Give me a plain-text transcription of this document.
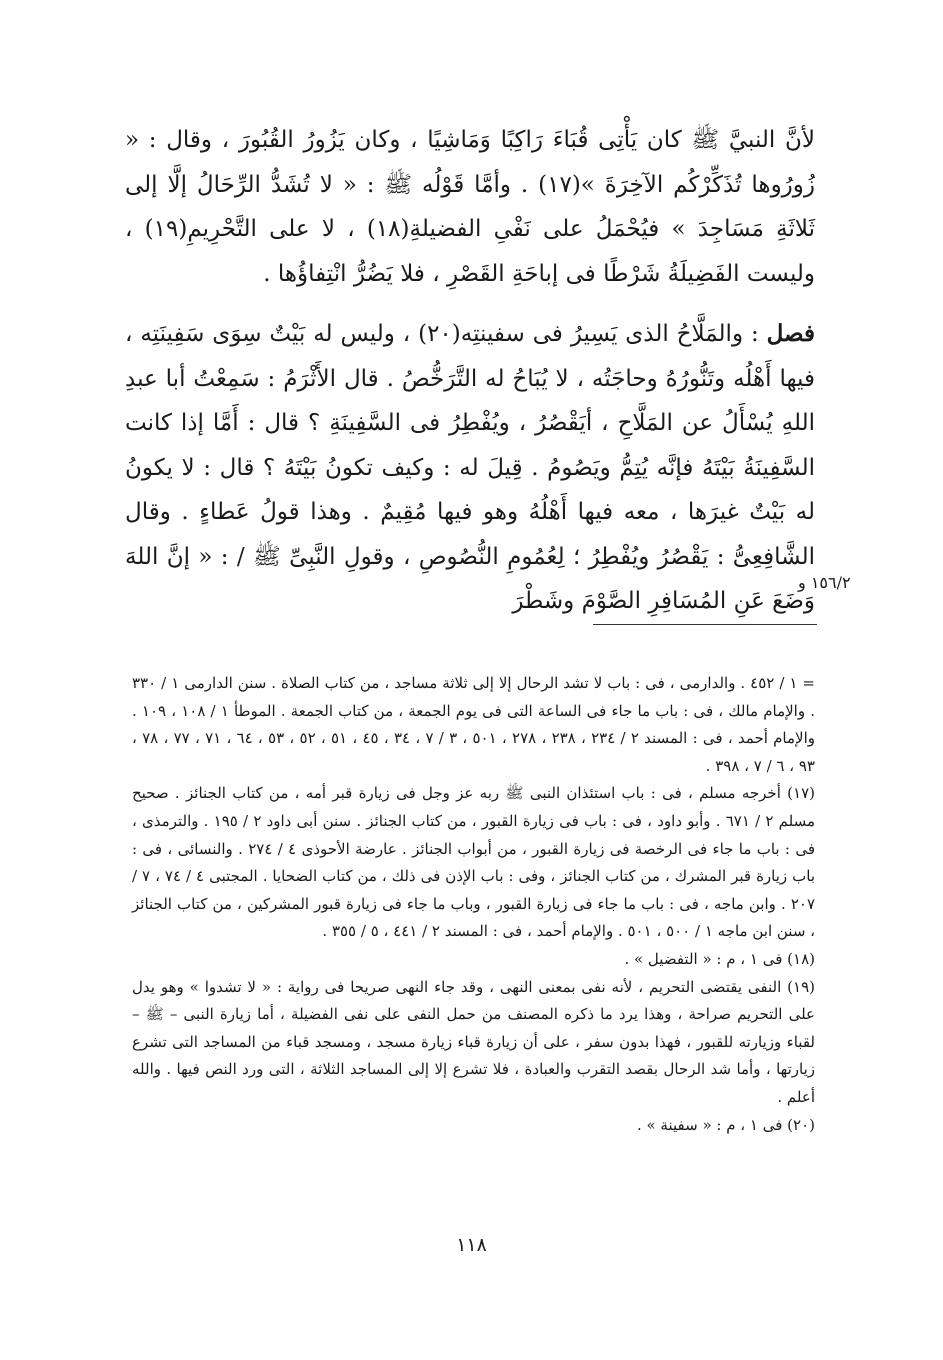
لأنَّ النبيَّ ﷺ كان يَأْتِى قُبَاءَ رَاكِبًا وَمَاشِيًا ، وكان يَزُورُ القُبُورَ ، وقال : « زُورُوها تُذَكِّرْكُم الآخِرَةَ »(١٧) . وأمَّا قَوْلُه ﷺ : « لا تُشَدُّ الرِّحَالُ إلَّا إلى ثَلاثَةِ مَسَاجِدَ » فيُحْمَلُ على نَفْىِ الفضيلةِ(١٨) ، لا على التَّحْرِيمِ(١٩) ، وليست الفَضِيلَةُ شَرْطًا فى إباحَةِ القَصْرِ ، فلا يَضُرُّ انْتِفاؤُها .

فصل : والمَلَّاحُ الذى يَسِيرُ فى سفينتِه(٢٠) ، وليس له بَيْتٌ سِوَى سَفِينَتِه ، فيها أَهْلُه وتَنُّورُهُ وحاجَتُه ، لا يُبَاحُ له التَّرَخُّصُ . قال الأَثْرَمُ : سَمِعْتُ أبا عبدِ اللهِ يُسْأَلُ عن المَلَّاحِ ، أيَقْصُرُ ، ويُفْطِرُ فى السَّفِينَةِ ؟ قال : أَمَّا إذا كانت السَّفِينَةُ بَيْتَهُ فإنَّه يُتِمُّ ويَصُومُ . قِيلَ له : وكيف تكونُ بَيْتَهُ ؟ قال : لا يكونُ له بَيْتٌ غيرَها ، معه فيها أَهْلُهُ وهو فيها مُقِيمٌ . وهذا قولُ عَطاءٍ . وقال الشَّافِعِىُّ : يَقْصُرُ ويُفْطِرُ ؛ لِعُمُومِ النُّصُوصِ ، وقولِ النَّبِىِّ ﷺ / : « إنَّ اللهَ وَضَعَ عَنِ المُسَافِرِ الصَّوْمَ وشَطْرَ

١٥٦/٢ و

= ١ / ٤٥٢ . والدارمى ، فى : باب لا تشد الرحال إلا إلى ثلاثة مساجد ، من كتاب الصلاة . سنن الدارمى ١ / ٣٣٠ . والإمام مالك ، فى : باب ما جاء فى الساعة التى فى يوم الجمعة ، من كتاب الجمعة . الموطأ ١ / ١٠٨ ، ١٠٩ . والإمام أحمد ، فى : المسند ٢ / ٢٣٤ ، ٢٣٨ ، ٢٧٨ ، ٥٠١ ، ٣ / ٧ ، ٣٤ ، ٤٥ ، ٥١ ، ٥٢ ، ٥٣ ، ٦٤ ، ٧١ ، ٧٧ ، ٧٨ ، ٩٣ ، ٦ / ٧ ، ٣٩٨ .

(١٧) أخرجه مسلم ، فى : باب استئذان النبى ﷺ ربه عز وجل فى زيارة قبر أمه ، من كتاب الجنائز . صحيح مسلم ٢ / ٦٧١ . وأبو داود ، فى : باب فى زيارة القبور ، من كتاب الجنائز . سنن أبى داود ٢ / ١٩٥ . والترمذى ، فى : باب ما جاء فى الرخصة فى زيارة القبور ، من أبواب الجنائز . عارضة الأحوذى ٤ / ٢٧٤ . والنسائى ، فى : باب زيارة قبر المشرك ، من كتاب الجنائز ، وفى : باب الإذن فى ذلك ، من كتاب الضحايا . المجتبى ٤ / ٧٤ ، ٧ / ٢٠٧ . وابن ماجه ، فى : باب ما جاء فى زيارة القبور ، وباب ما جاء فى زيارة قبور المشركين ، من كتاب الجنائز ، سنن ابن ماجه ١ / ٥٠٠ ، ٥٠١ . والإمام أحمد ، فى : المسند ٢ / ٤٤١ ، ٥ / ٣٥٥ .

(١٨) فى ١ ، م : « التفضيل » .

(١٩) النفى يقتضى التحريم ، لأنه نفى بمعنى النهى ، وقد جاء النهى صريحا فى رواية : « لا تشدوا » وهو يدل على التحريم صراحة ، وهذا يرد ما ذكره المصنف من حمل النفى على نفى الفضيلة ، أما زيارة النبى – ﷺ – لقباء وزيارته للقبور ، فهذا بدون سفر ، على أن زيارة قباء زيارة مسجد ، ومسجد قباء من المساجد التى تشرع زيارتها ، وأما شد الرحال بقصد التقرب والعبادة ، فلا تشرع إلا إلى المساجد الثلاثة ، التى ورد النص فيها . والله أعلم .

(٢٠) فى ١ ، م : « سفينة » .

١١٨
